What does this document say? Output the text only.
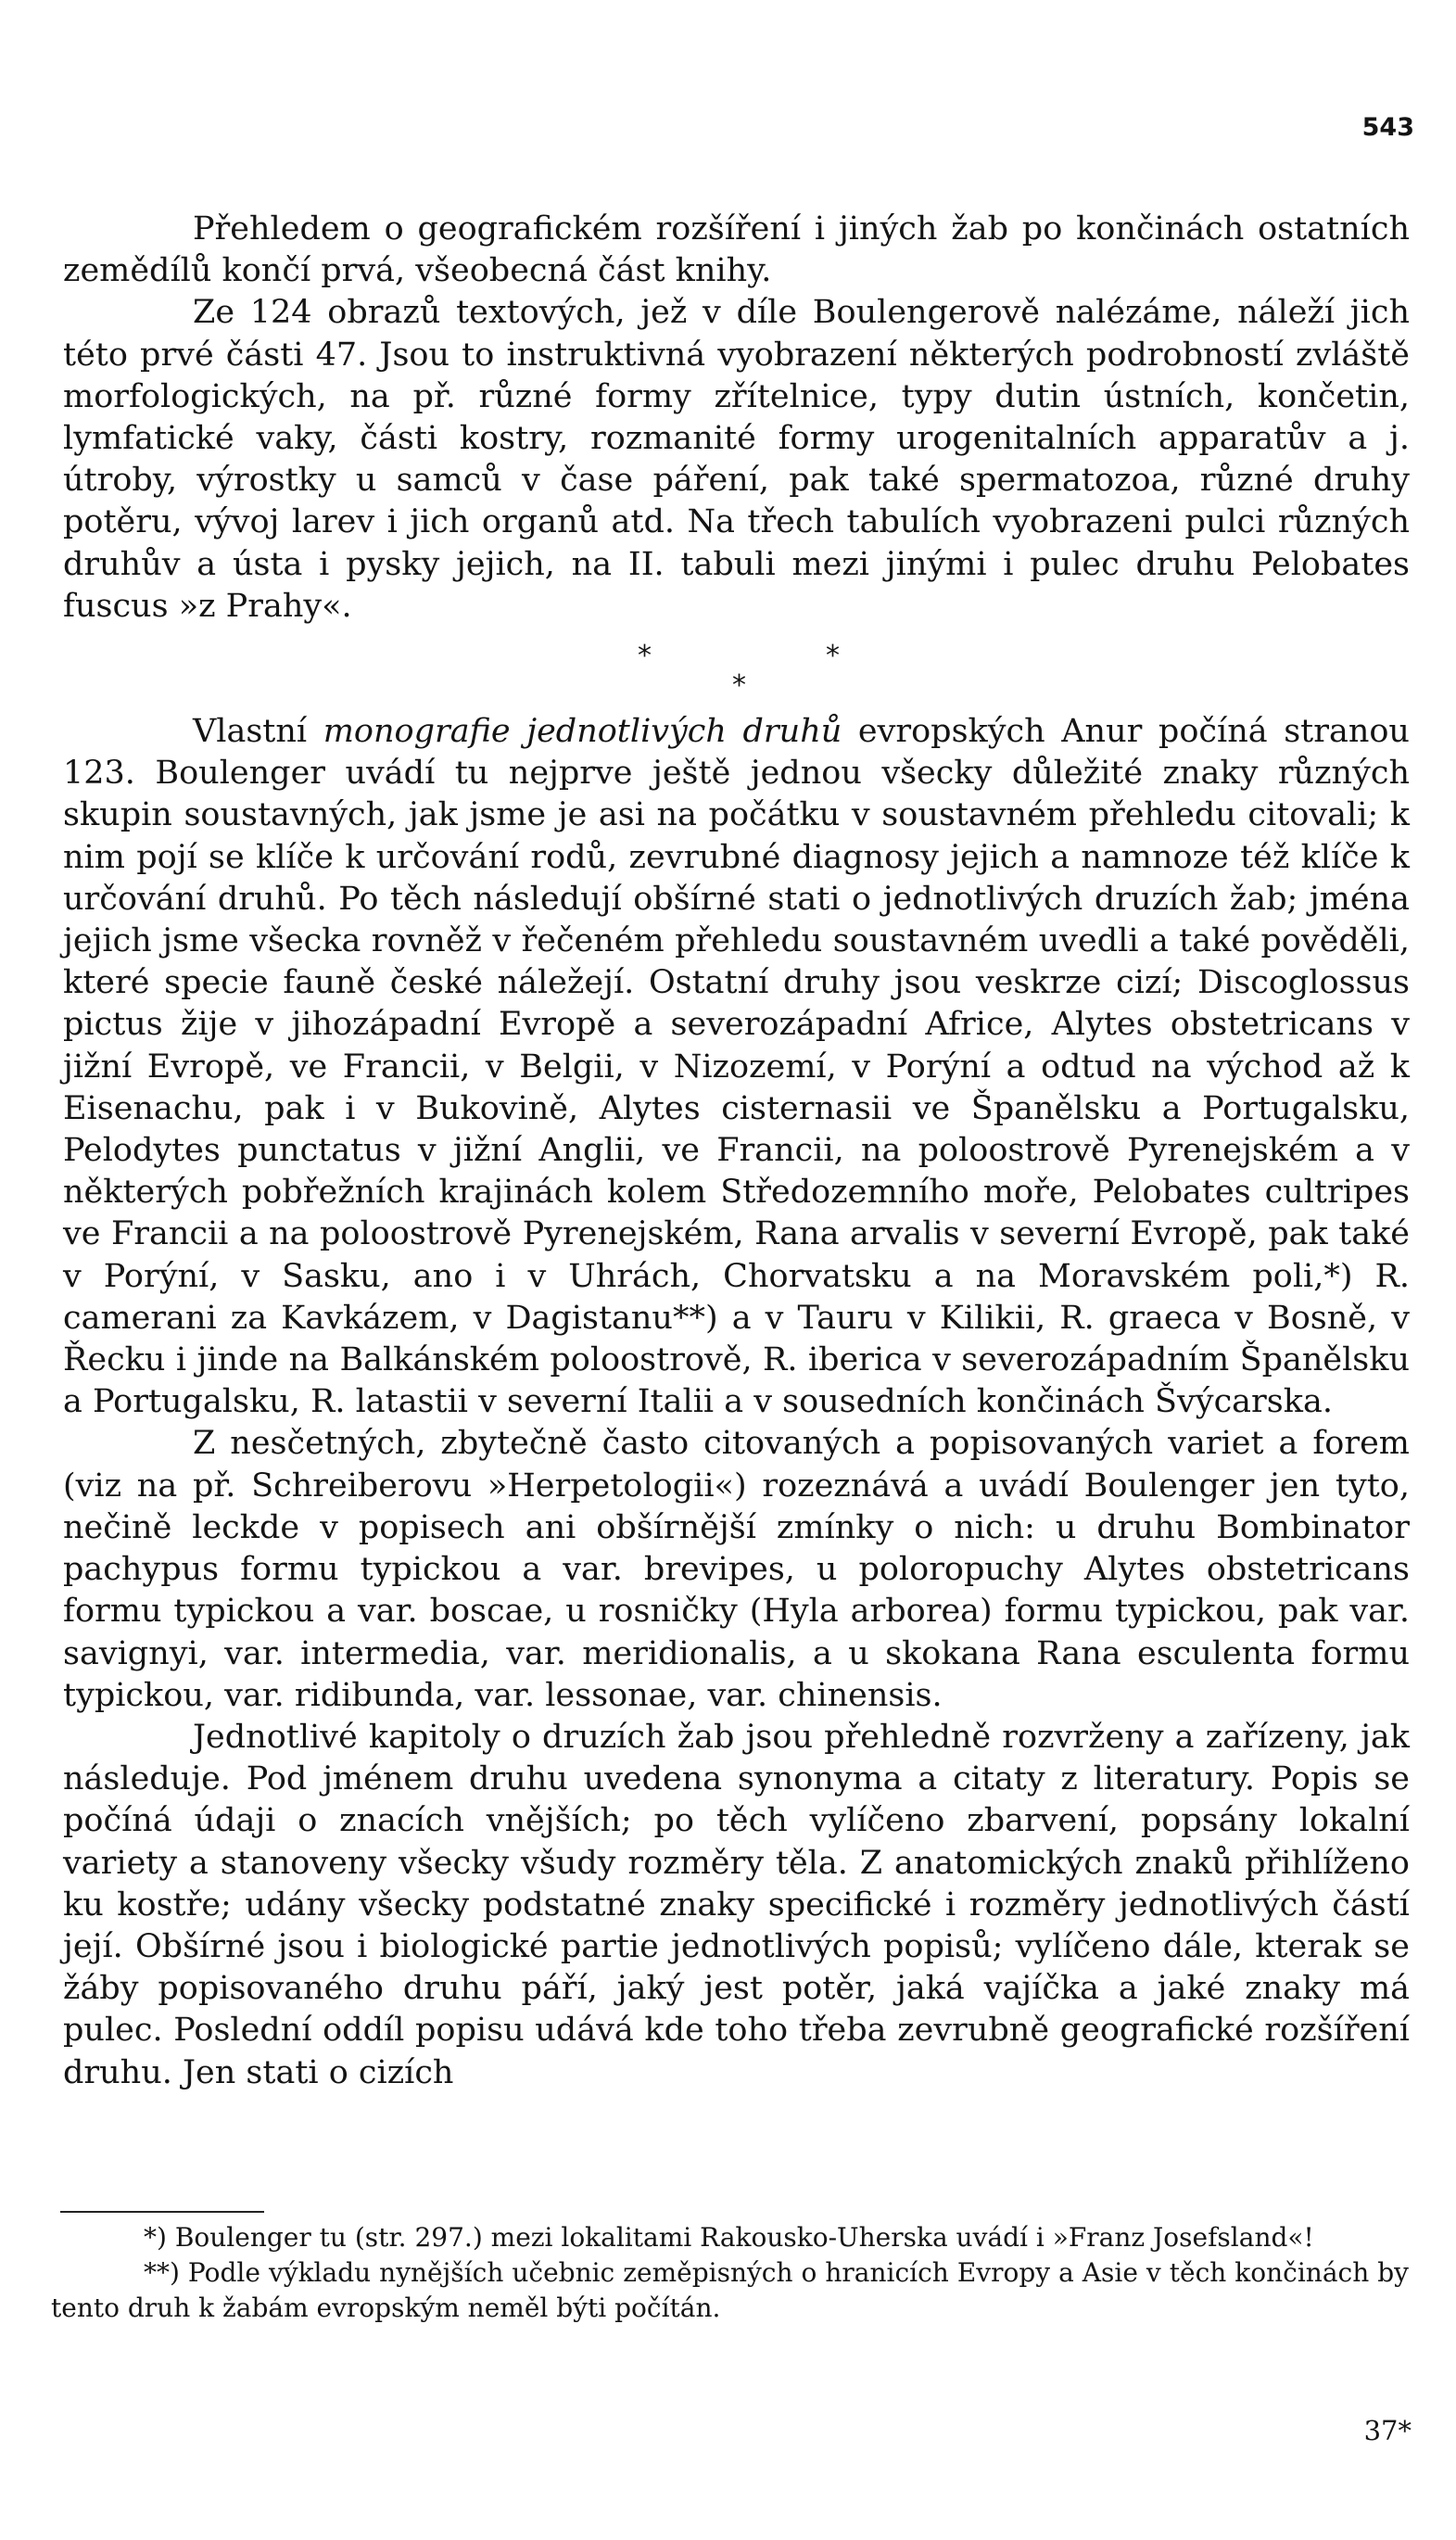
543

Přehledem o geografickém rozšíření i jiných žab po končinách ostatních zemědílů končí prvá, všeobecná část knihy.

Ze 124 obrazů textových, jež v díle Boulengerově nalézáme, náleží jich této prvé části 47. Jsou to instruktivná vyobrazení některých podrobností zvláště morfologických, na př. různé formy zřítelnice, typy dutin ústních, končetin, lymfatické vaky, části kostry, rozmanité formy urogenitalních apparatův a j. útroby, výrostky u samců v čase páření, pak také spermatozoa, různé druhy potěru, vývoj larev i jich organů atd. Na třech tabulích vyobrazeni pulci různých druhův a ústa i pysky jejich, na II. tabuli mezi jinými i pulec druhu Pelobates fuscus »z Prahy«.

*	*
*

Vlastní monografie jednotlivých druhů evropských Anur počíná stranou 123. Boulenger uvádí tu nejprve ještě jednou všecky důležité znaky různých skupin soustavných, jak jsme je asi na počátku v soustavném přehledu citovali; k nim pojí se klíče k určování rodů, zevrubné diagnosy jejich a namnoze též klíče k určování druhů. Po těch následují obšírné stati o jednotlivých druzích žab; jména jejich jsme všecka rovněž v řečeném přehledu soustavném uvedli a také pověděli, které specie fauně české náležejí. Ostatní druhy jsou veskrze cizí; Discoglossus pictus žije v jihozápadní Evropě a severozápadní Africe, Alytes obstetricans v jižní Evropě, ve Francii, v Belgii, v Nizozemí, v Porýní a odtud na východ až k Eisenachu, pak i v Bukovině, Alytes cisternasii ve Španělsku a Portugalsku, Pelodytes punctatus v jižní Anglii, ve Francii, na poloostrově Pyrenejském a v některých pobřežních krajinách kolem Středozemního moře, Pelobates cultripes ve Francii a na poloostrově Pyrenejském, Rana arvalis v severní Evropě, pak také v Porýní, v Sasku, ano i v Uhrách, Chorvatsku a na Moravském poli,*) R. camerani za Kavkázem, v Dagistanu**) a v Tauru v Kilikii, R. graeca v Bosně, v Řecku i jinde na Balkánském poloostrově, R. iberica v severozápadním Španělsku a Portugalsku, R. latastii v severní Italii a v sousedních končinách Švýcarska.

Z nesčetných, zbytečně často citovaných a popisovaných variet a forem (viz na př. Schreiberovu »Herpetologii«) rozeznává a uvádí Boulenger jen tyto, nečině leckde v popisech ani obšírnější zmínky o nich: u druhu Bombinator pachypus formu typickou a var. brevipes, u poloropuchy Alytes obstetricans formu typickou a var. boscae, u rosničky (Hyla arborea) formu typickou, pak var. savignyi, var. intermedia, var. meridionalis, a u skokana Rana esculenta formu typickou, var. ridibunda, var. lessonae, var. chinensis.

Jednotlivé kapitoly o druzích žab jsou přehledně rozvrženy a zařízeny, jak následuje. Pod jménem druhu uvedena synonyma a citaty z literatury. Popis se počíná údaji o znacích vnějších; po těch vylíčeno zbarvení, popsány lokalní variety a stanoveny všecky všudy rozměry těla. Z anatomických znaků přihlíženo ku kostře; udány všecky podstatné znaky specifické i rozměry jednotlivých částí její. Obšírné jsou i biologické partie jednotlivých popisů; vylíčeno dále, kterak se žáby popisovaného druhu páří, jaký jest potěr, jaká vajíčka a jaké znaky má pulec. Poslední oddíl popisu udává kde toho třeba zevrubně geografické rozšíření druhu. Jen stati o cizích

*) Boulenger tu (str. 297.) mezi lokalitami Rakousko-Uherska uvádí i »Franz Josefsland«!

**) Podle výkladu nynějších učebnic zeměpisných o hranicích Evropy a Asie v těch končinách by tento druh k žabám evropským neměl býti počítán.

37*
